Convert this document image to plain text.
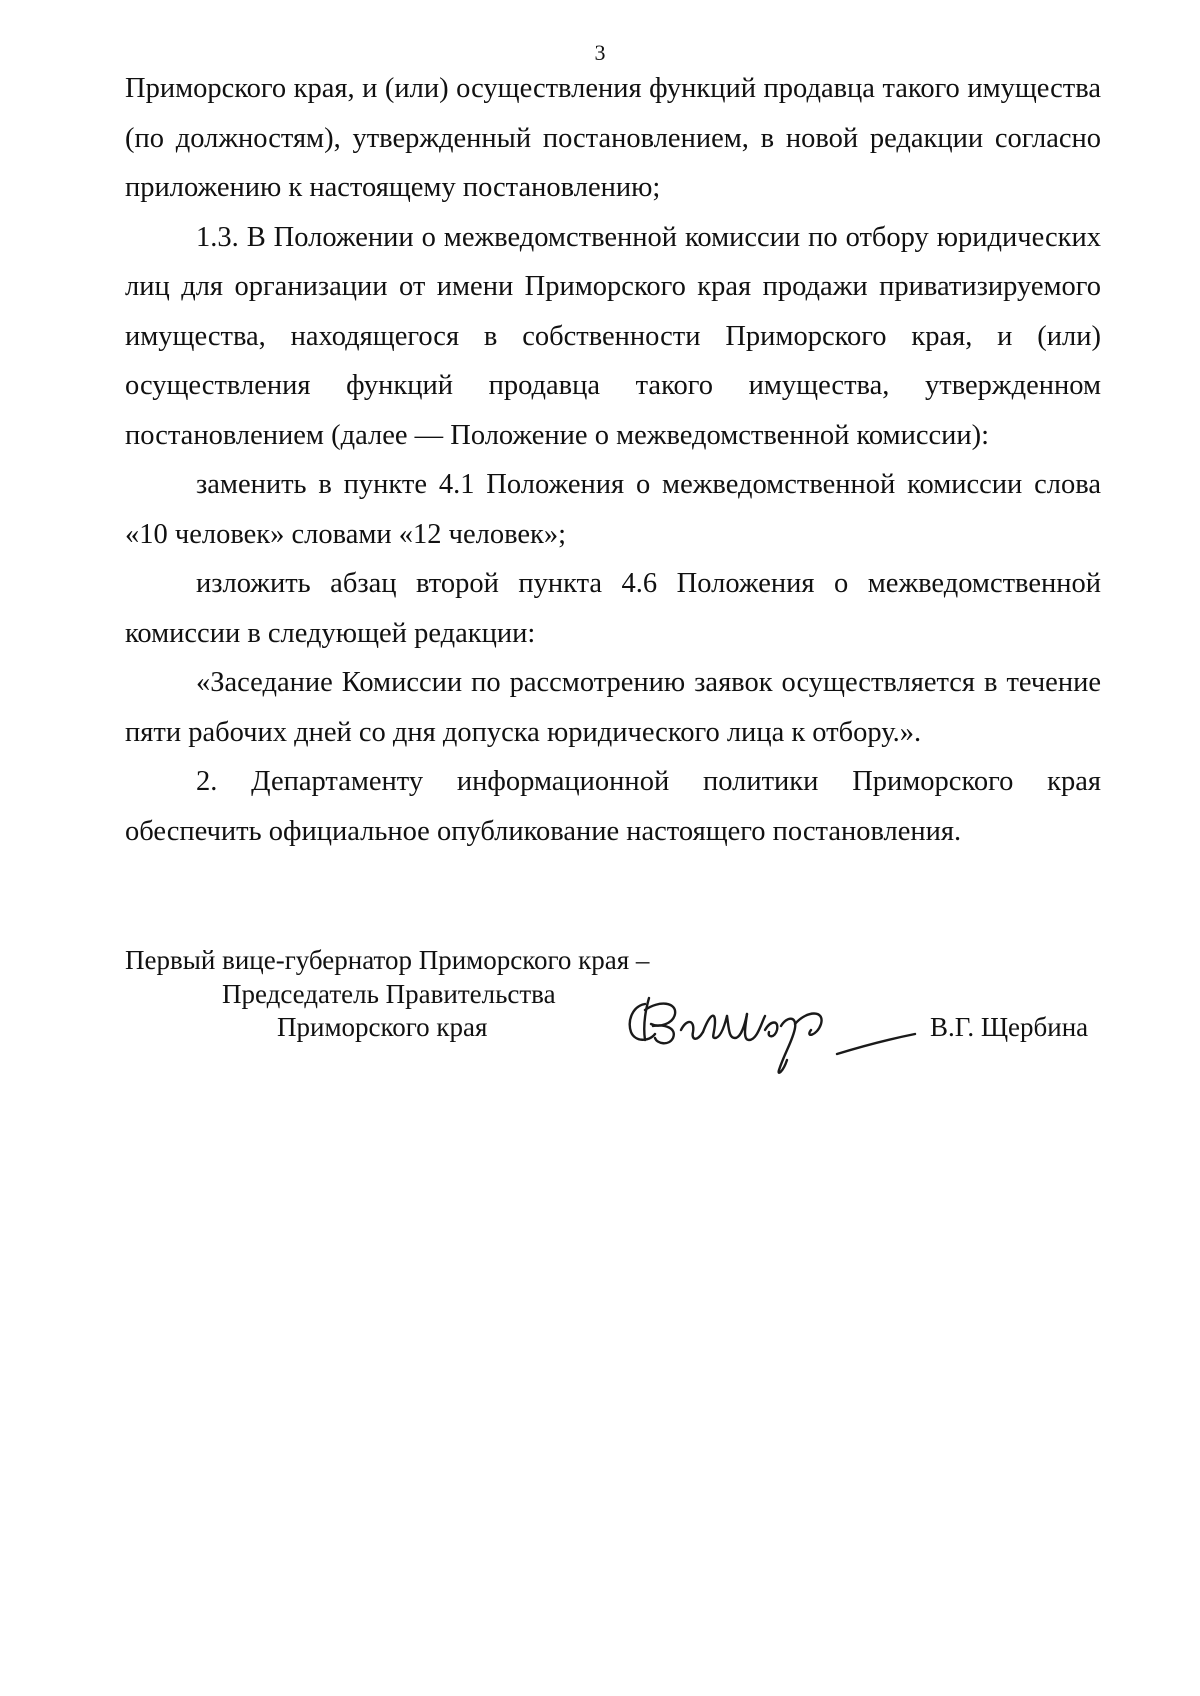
3

Приморского края, и (или) осуществления функций продавца такого имущества (по должностям), утвержденный постановлением, в новой редакции согласно приложению к настоящему постановлению;

1.3. В Положении о межведомственной комиссии по отбору юридических лиц для организации от имени Приморского края продажи приватизируемого имущества, находящегося в собственности Приморского края, и (или) осуществления функций продавца такого имущества, утвержденном постановлением (далее — Положение о межведомственной комиссии):

заменить в пункте 4.1 Положения о межведомственной комиссии слова «10 человек» словами «12 человек»;

изложить абзац второй пункта 4.6 Положения о межведомственной комиссии в следующей редакции:

«Заседание Комиссии по рассмотрению заявок осуществляется в течение пяти рабочих дней со дня допуска юридического лица к отбору.».

2. Департаменту информационной политики Приморского края обеспечить официальное опубликование настоящего постановления.

Первый вице-губернатор Приморского края –
Председатель Правительства
Приморского края	В.Г. Щербина
